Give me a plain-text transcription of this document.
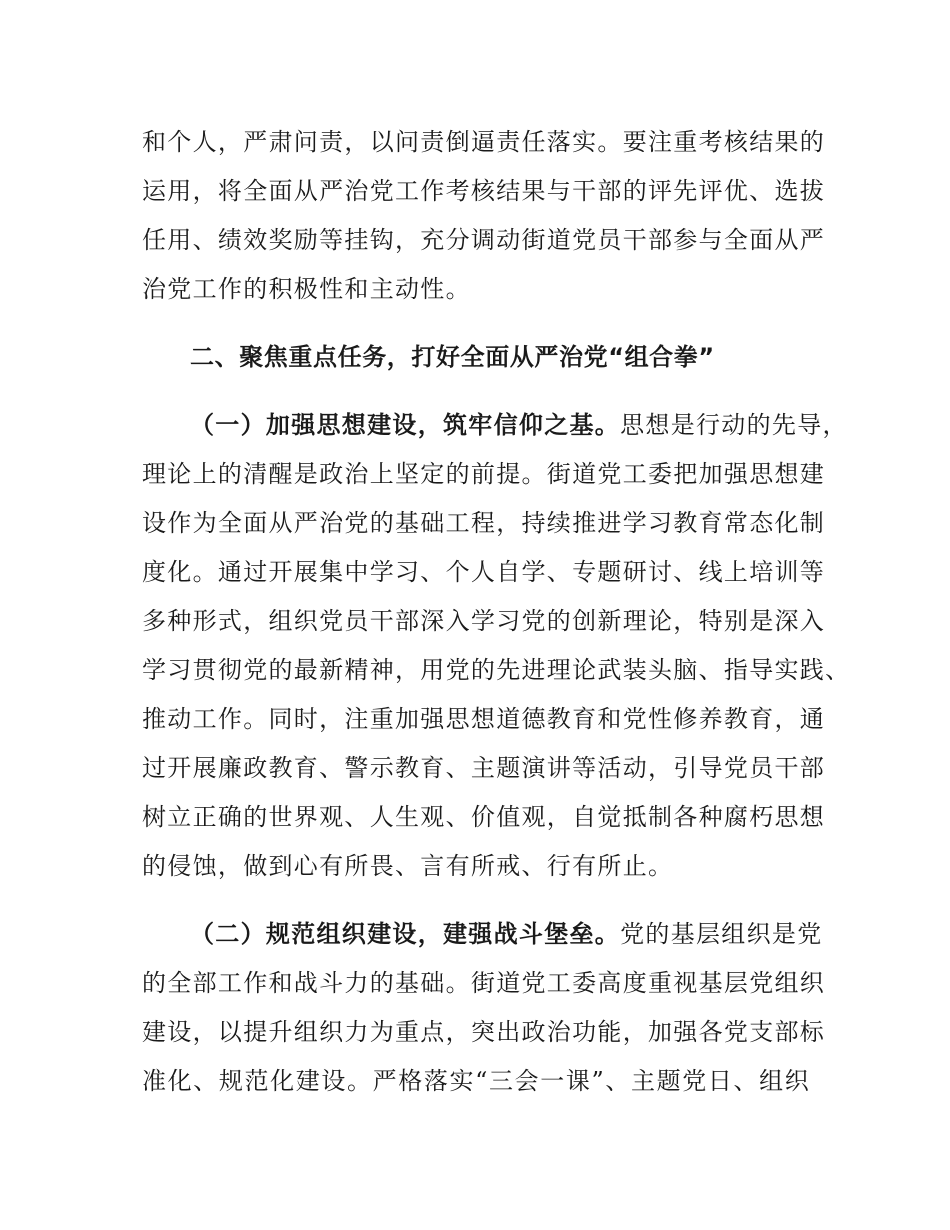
和个人，严肃问责，以问责倒逼责任落实。要注重考核结果的
运用，将全面从严治党工作考核结果与干部的评先评优、选拔
任用、绩效奖励等挂钩，充分调动街道党员干部参与全面从严
治党工作的积极性和主动性。
二、聚焦重点任务，打好全面从严治党“组合拳”
（一）加强思想建设，筑牢信仰之基。思想是行动的先导，
理论上的清醒是政治上坚定的前提。街道党工委把加强思想建
设作为全面从严治党的基础工程，持续推进学习教育常态化制
度化。通过开展集中学习、个人自学、专题研讨、线上培训等
多种形式，组织党员干部深入学习党的创新理论，特别是深入
学习贯彻党的最新精神，用党的先进理论武装头脑、指导实践、
推动工作。同时，注重加强思想道德教育和党性修养教育，通
过开展廉政教育、警示教育、主题演讲等活动，引导党员干部
树立正确的世界观、人生观、价值观，自觉抵制各种腐朽思想
的侵蚀，做到心有所畏、言有所戒、行有所止。
（二）规范组织建设，建强战斗堡垒。党的基层组织是党
的全部工作和战斗力的基础。街道党工委高度重视基层党组织
建设，以提升组织力为重点，突出政治功能，加强各党支部标
准化、规范化建设。严格落实“三会一课”、主题党日、组织
